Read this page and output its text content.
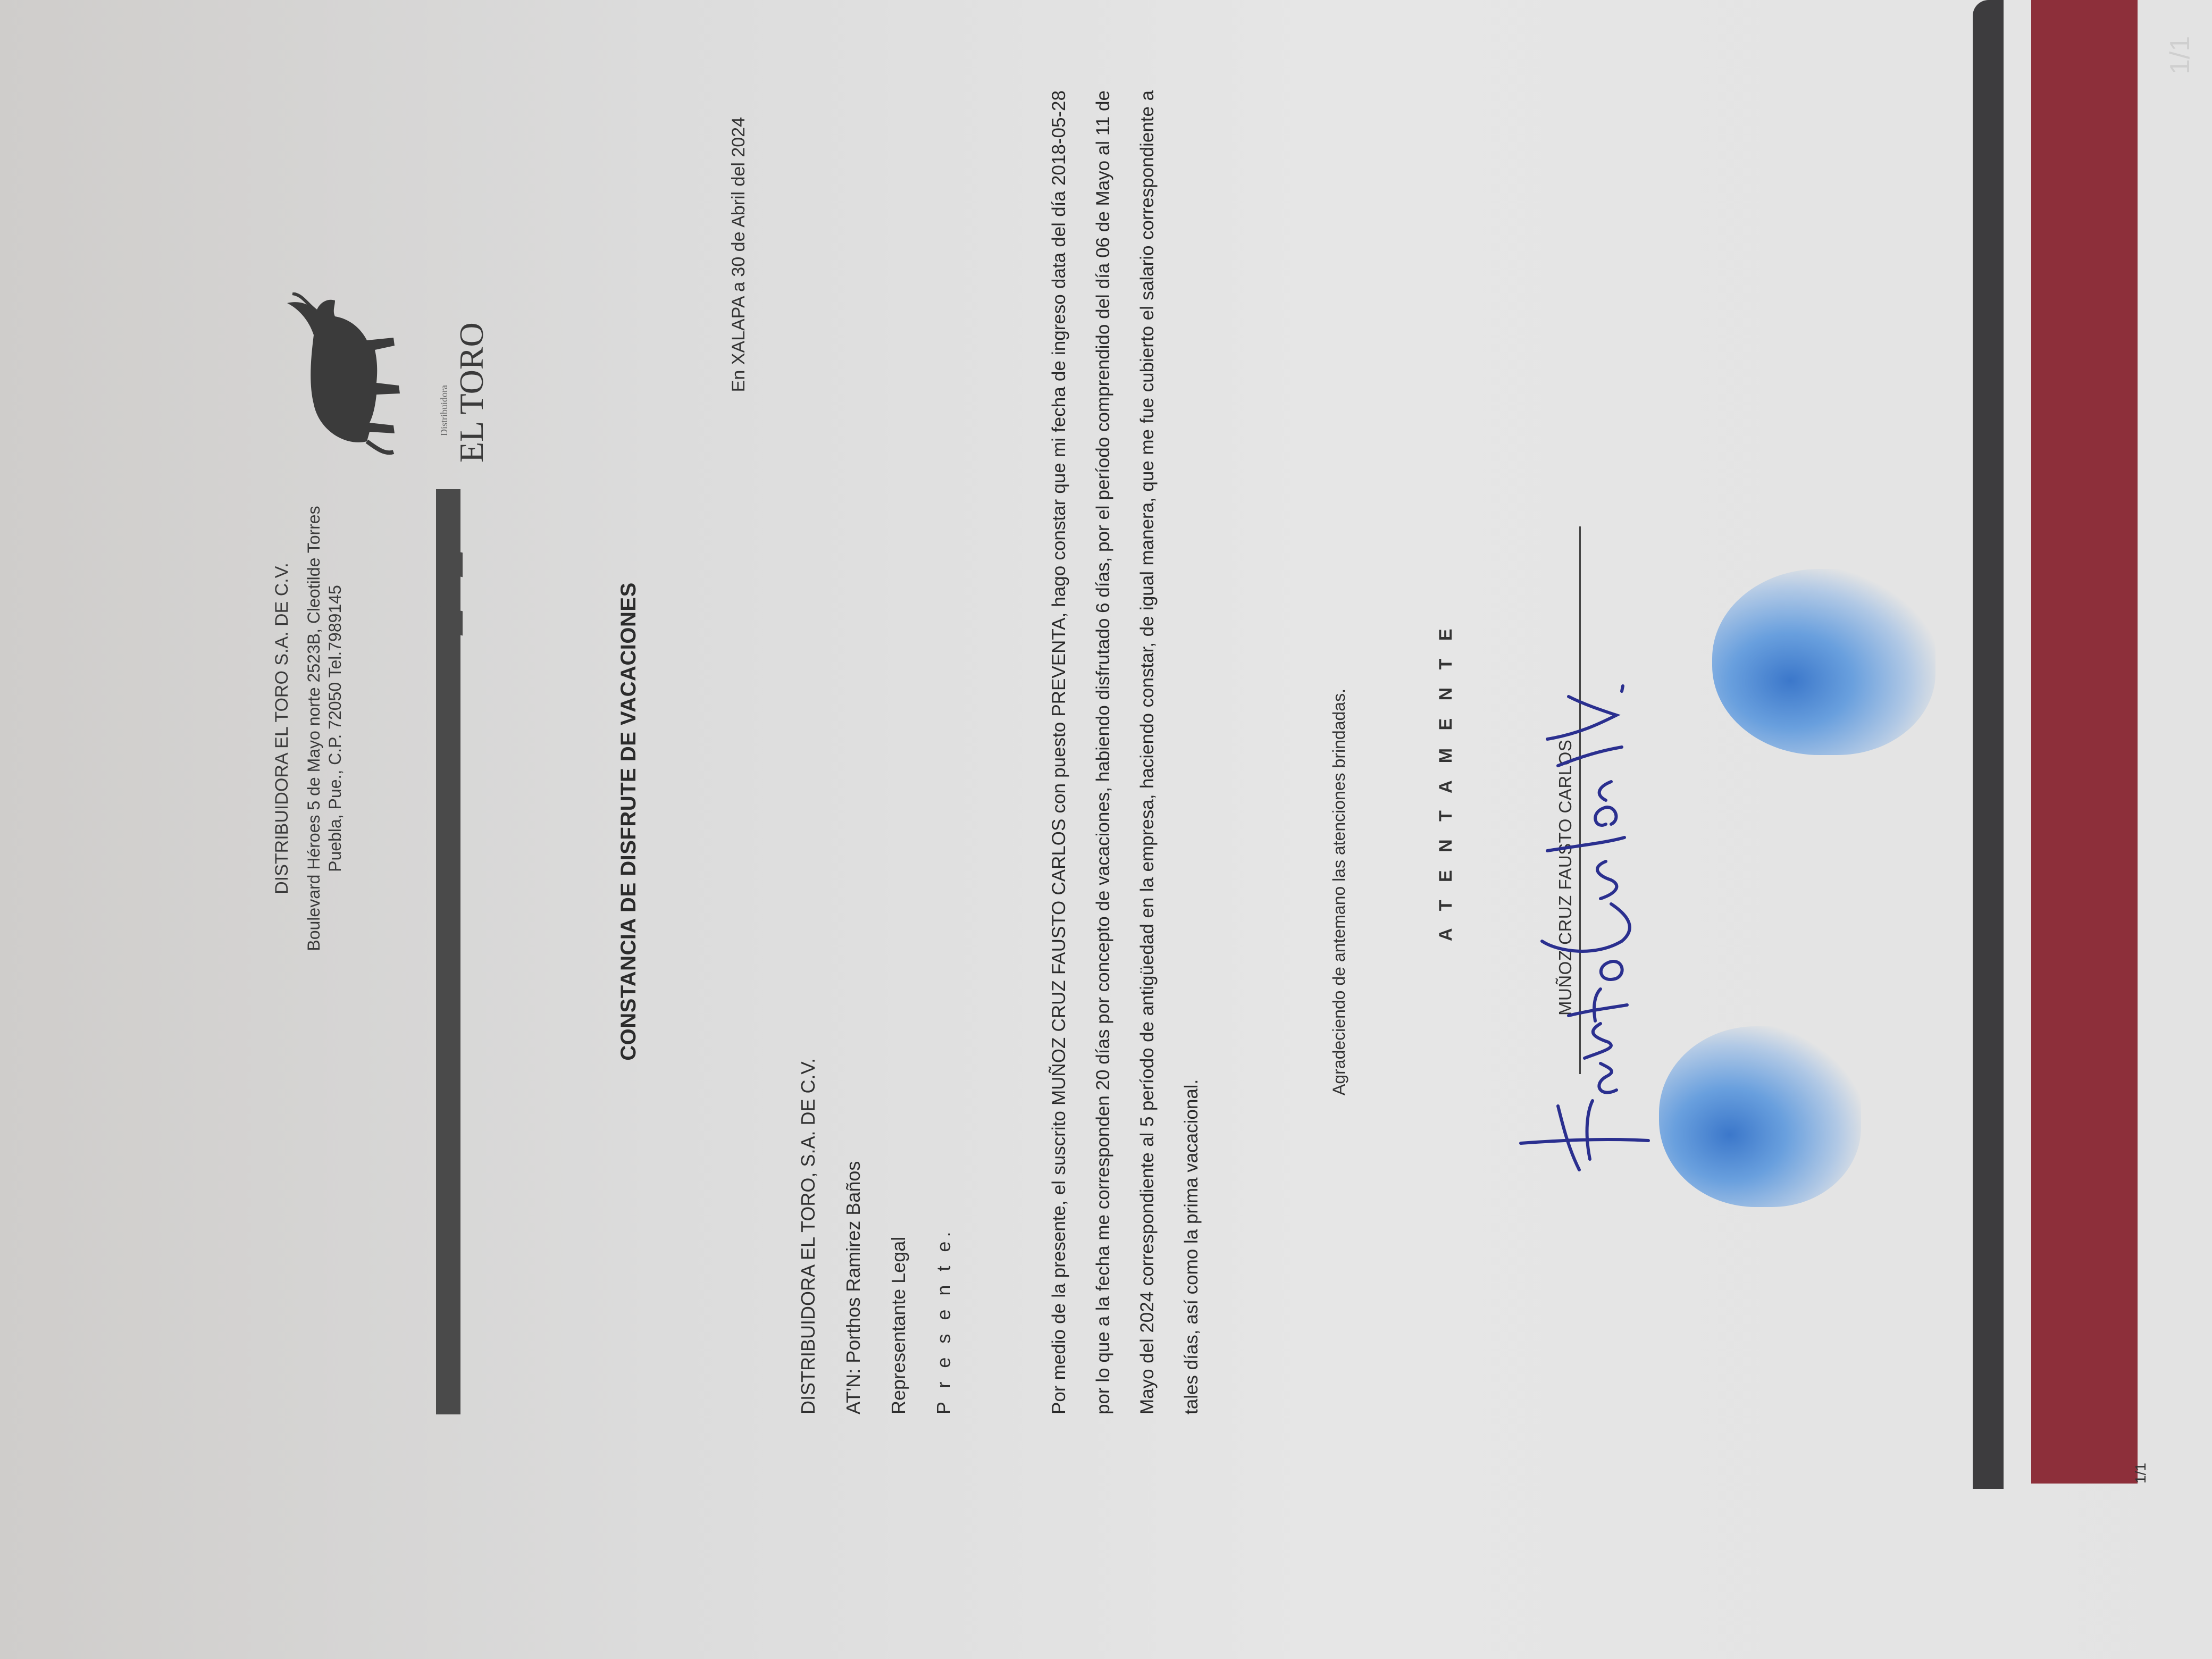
DISTRIBUIDORA EL TORO S.A. DE C.V. Boulevard Héroes 5 de Mayo norte 2523B, Cleotilde Torres Puebla, Pue., C.P. 72050 Tel.7989145
Distribuidora EL TORO
CONSTANCIA DE DISFRUTE DE VACACIONES
En XALAPA a 30 de Abril del 2024
DISTRIBUIDORA EL TORO, S.A. DE C.V. AT'N: Porthos Ramirez Baños Representante Legal P r e s e n t e.	Por medio de la presente, el suscrito MUÑOZ CRUZ FAUSTO CARLOS con puesto PREVENTA, hago constar que mi fecha de ingreso data del día 2018-05-28 por lo que a la fecha me corresponden 20 días por concepto de vacaciones, habiendo disfrutado 6 días, por el período comprendido del día 06 de Mayo al 11 de Mayo del 2024 correspondiente al 5 período de antigüedad en la empresa, haciendo constar, de igual manera, que me fue cubierto el salario correspondiente a tales días, así como la prima vacacional.
Agradeciendo de antemano las atenciones brindadas.	A T E N T A M E N T E	MUÑOZ CRUZ FAUSTO CARLOS
1/1
1/1
